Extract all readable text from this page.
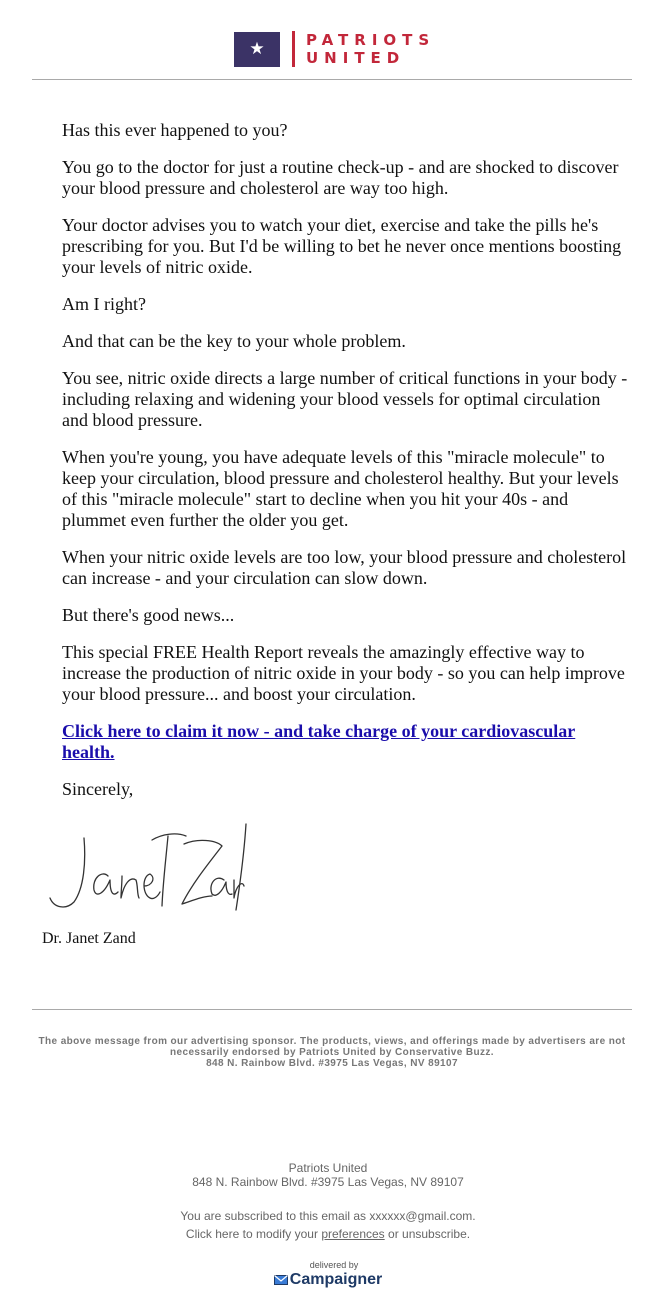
★	PATRIOTS
UNITED

Has this ever happened to you?

You go to the doctor for just a routine check-up - and are shocked to discover your blood pressure and cholesterol are way too high.

Your doctor advises you to watch your diet, exercise and take the pills he's prescribing for you. But I'd be willing to bet he never once mentions boosting your levels of nitric oxide.

Am I right?

And that can be the key to your whole problem.

You see, nitric oxide directs a large number of critical functions in your body - including relaxing and widening your blood vessels for optimal circulation and blood pressure.

When you're young, you have adequate levels of this "miracle molecule" to keep your circulation, blood pressure and cholesterol healthy. But your levels of this "miracle molecule" start to decline when you hit your 40s - and plummet even further the older you get.

When your nitric oxide levels are too low, your blood pressure and cholesterol can increase - and your circulation can slow down.

But there's good news...

This special FREE Health Report reveals the amazingly effective way to increase the production of nitric oxide in your body - so you can help improve your blood pressure... and boost your circulation.

Click here to claim it now - and take charge of your cardiovascular health.

Sincerely,

Dr. Janet Zand
The above message from our advertising sponsor. The products, views, and offerings made by advertisers are not necessarily endorsed by Patriots United by Conservative Buzz.
848 N. Rainbow Blvd. #3975 Las Vegas, NV 89107
Patriots United
848 N. Rainbow Blvd. #3975 Las Vegas, NV 89107
You are subscribed to this email as xxxxxx@gmail.com.
Click here to modify your preferences or unsubscribe.
delivered by
Campaigner
